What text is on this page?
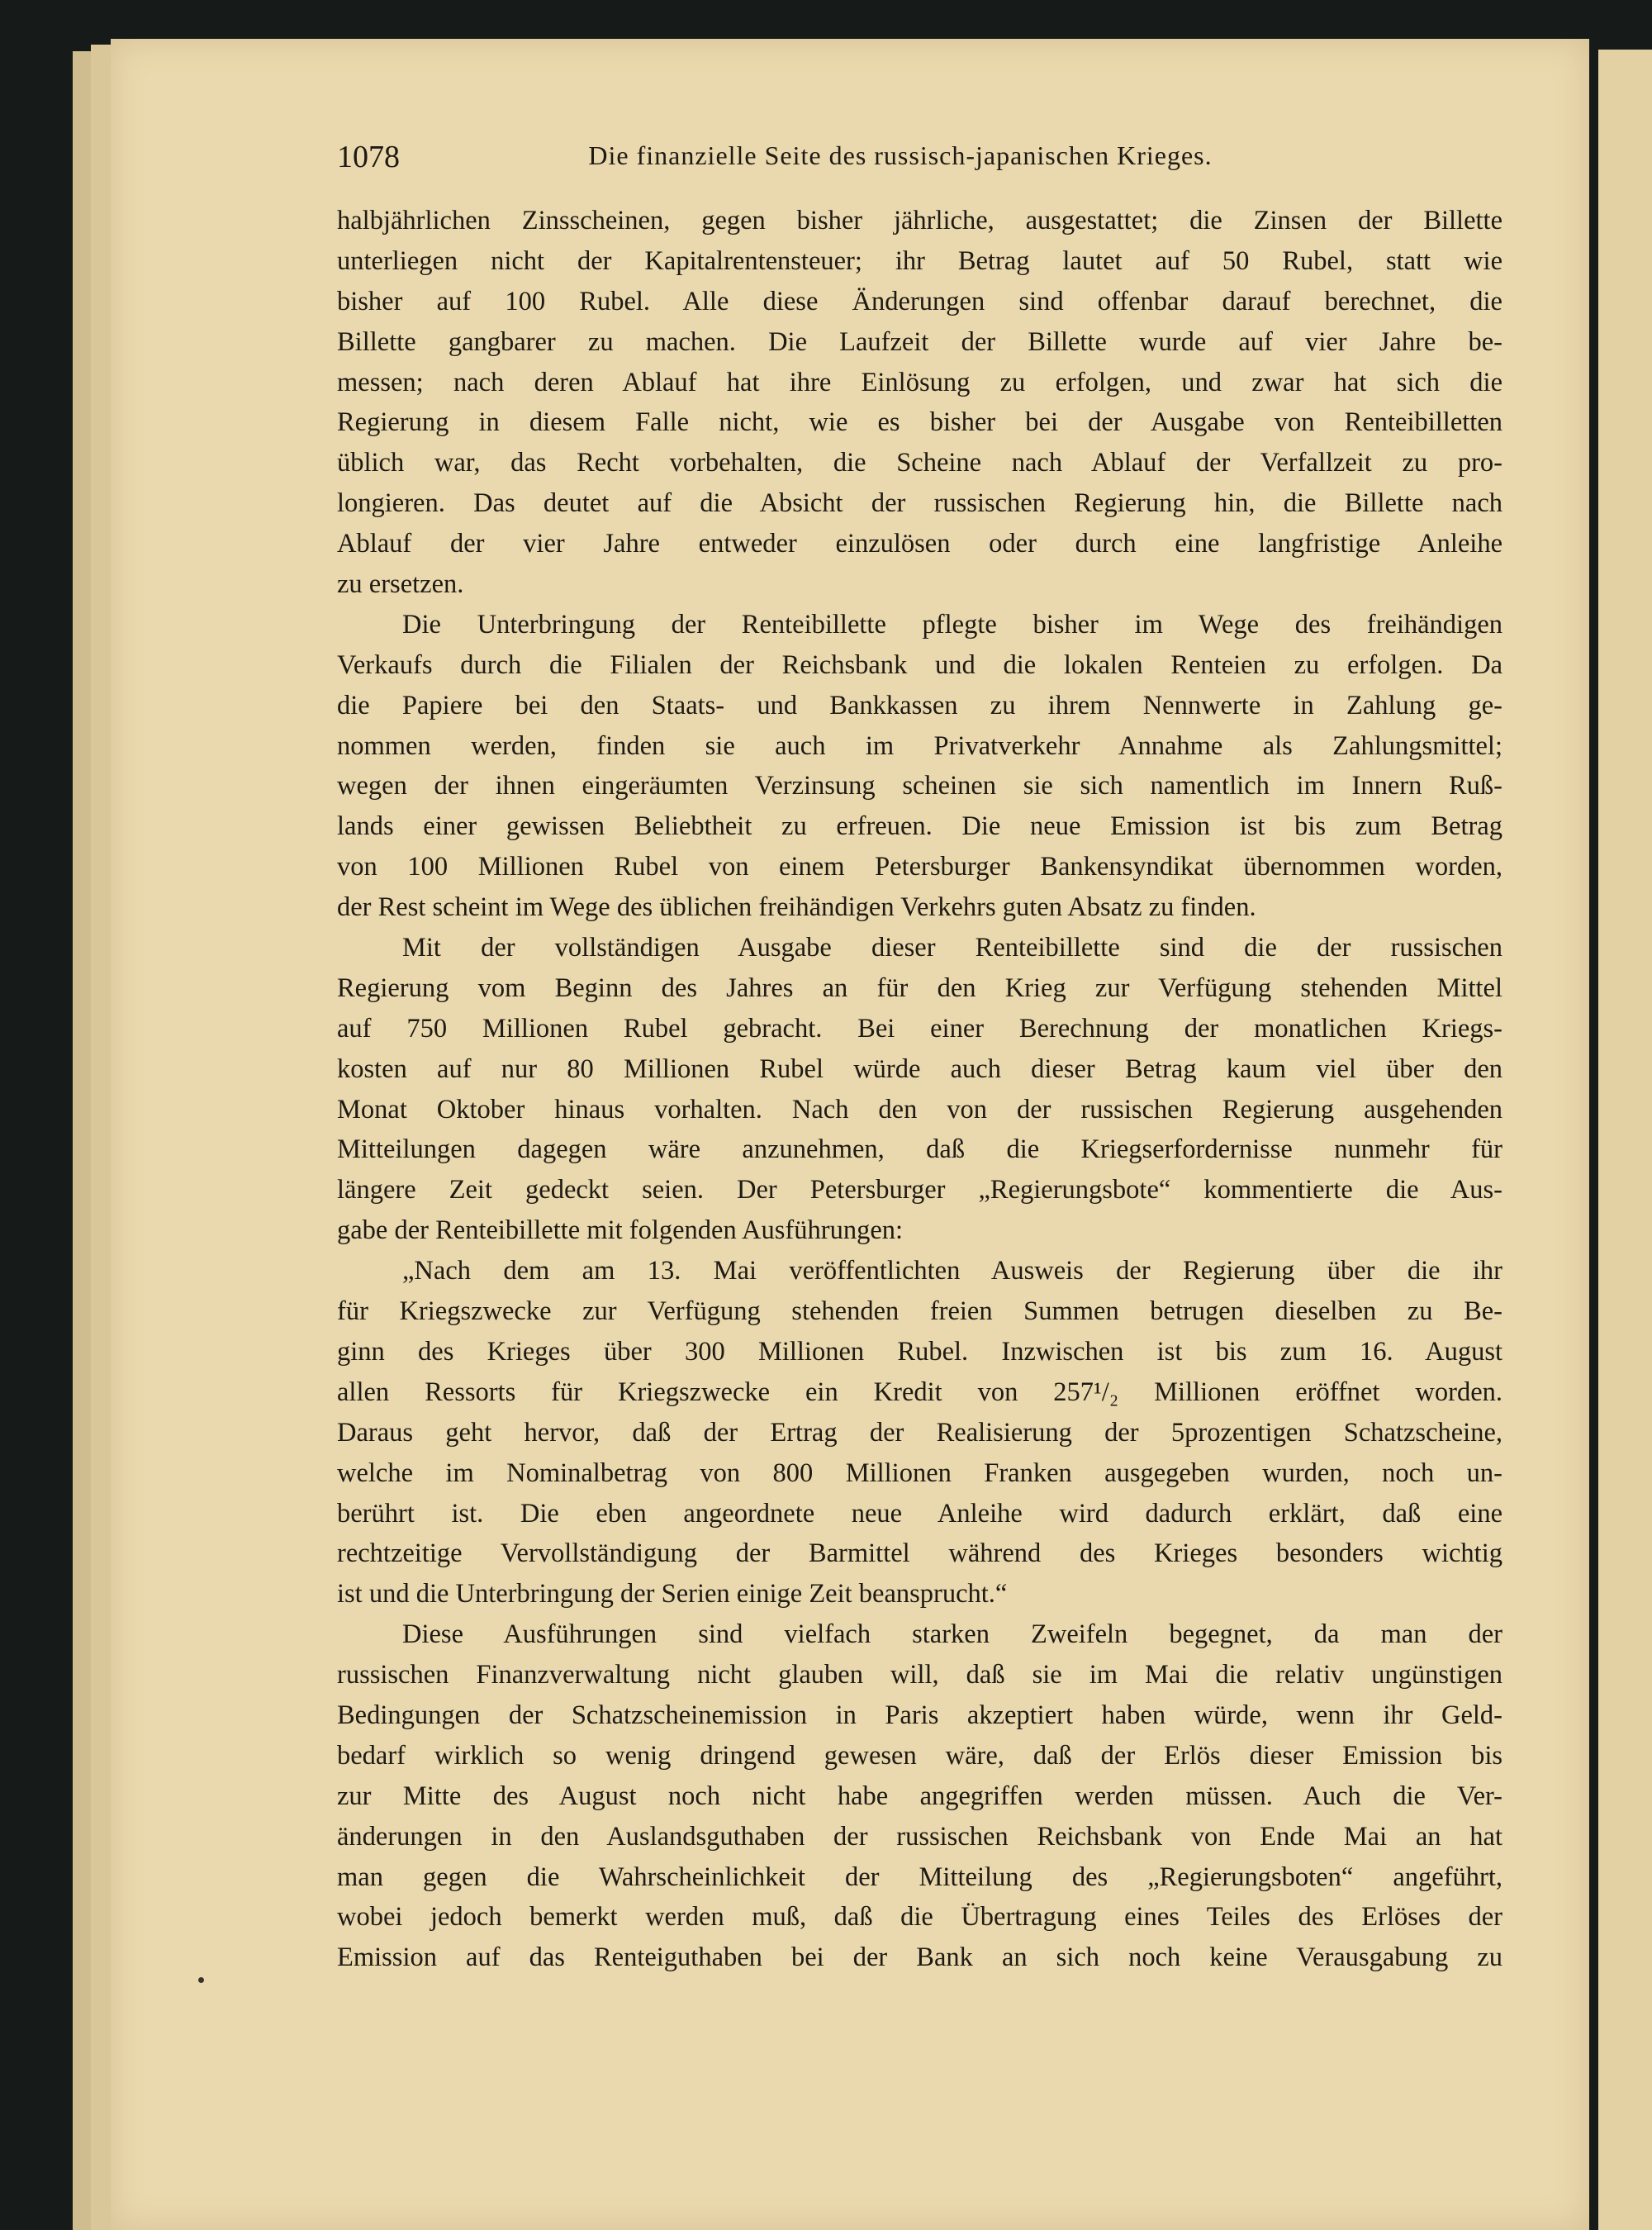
1078	Die finanzielle Seite des russisch-japanischen Krieges.
halbjährlichen Zinsscheinen, gegen bisher jährliche, ausgestattet; die Zinsen der Billette
unterliegen nicht der Kapitalrentensteuer; ihr Betrag lautet auf 50 Rubel, statt wie
bisher auf 100 Rubel. Alle diese Änderungen sind offenbar darauf berechnet, die
Billette gangbarer zu machen. Die Laufzeit der Billette wurde auf vier Jahre be-
messen; nach deren Ablauf hat ihre Einlösung zu erfolgen, und zwar hat sich die
Regierung in diesem Falle nicht, wie es bisher bei der Ausgabe von Renteibilletten
üblich war, das Recht vorbehalten, die Scheine nach Ablauf der Verfallzeit zu pro-
longieren. Das deutet auf die Absicht der russischen Regierung hin, die Billette nach
Ablauf der vier Jahre entweder einzulösen oder durch eine langfristige Anleihe
zu ersetzen.
Die Unterbringung der Renteibillette pflegte bisher im Wege des freihändigen
Verkaufs durch die Filialen der Reichsbank und die lokalen Renteien zu erfolgen. Da
die Papiere bei den Staats- und Bankkassen zu ihrem Nennwerte in Zahlung ge-
nommen werden, finden sie auch im Privatverkehr Annahme als Zahlungsmittel;
wegen der ihnen eingeräumten Verzinsung scheinen sie sich namentlich im Innern Ruß-
lands einer gewissen Beliebtheit zu erfreuen. Die neue Emission ist bis zum Betrag
von 100 Millionen Rubel von einem Petersburger Bankensyndikat übernommen worden,
der Rest scheint im Wege des üblichen freihändigen Verkehrs guten Absatz zu finden.
Mit der vollständigen Ausgabe dieser Renteibillette sind die der russischen
Regierung vom Beginn des Jahres an für den Krieg zur Verfügung stehenden Mittel
auf 750 Millionen Rubel gebracht. Bei einer Berechnung der monatlichen Kriegs-
kosten auf nur 80 Millionen Rubel würde auch dieser Betrag kaum viel über den
Monat Oktober hinaus vorhalten. Nach den von der russischen Regierung ausgehenden
Mitteilungen dagegen wäre anzunehmen, daß die Kriegserfordernisse nunmehr für
längere Zeit gedeckt seien. Der Petersburger „Regierungsbote“ kommentierte die Aus-
gabe der Renteibillette mit folgenden Ausführungen:
„Nach dem am 13. Mai veröffentlichten Ausweis der Regierung über die ihr
für Kriegszwecke zur Verfügung stehenden freien Summen betrugen dieselben zu Be-
ginn des Krieges über 300 Millionen Rubel. Inzwischen ist bis zum 16. August
allen Ressorts für Kriegszwecke ein Kredit von 257¹/₂ Millionen eröffnet worden.
Daraus geht hervor, daß der Ertrag der Realisierung der 5prozentigen Schatzscheine,
welche im Nominalbetrag von 800 Millionen Franken ausgegeben wurden, noch un-
berührt ist. Die eben angeordnete neue Anleihe wird dadurch erklärt, daß eine
rechtzeitige Vervollständigung der Barmittel während des Krieges besonders wichtig
ist und die Unterbringung der Serien einige Zeit beansprucht.“
Diese Ausführungen sind vielfach starken Zweifeln begegnet, da man der
russischen Finanzverwaltung nicht glauben will, daß sie im Mai die relativ ungünstigen
Bedingungen der Schatzscheinemission in Paris akzeptiert haben würde, wenn ihr Geld-
bedarf wirklich so wenig dringend gewesen wäre, daß der Erlös dieser Emission bis
zur Mitte des August noch nicht habe angegriffen werden müssen. Auch die Ver-
änderungen in den Auslandsguthaben der russischen Reichsbank von Ende Mai an hat
man gegen die Wahrscheinlichkeit der Mitteilung des „Regierungsboten“ angeführt,
wobei jedoch bemerkt werden muß, daß die Übertragung eines Teiles des Erlöses der
Emission auf das Renteiguthaben bei der Bank an sich noch keine Verausgabung zu
